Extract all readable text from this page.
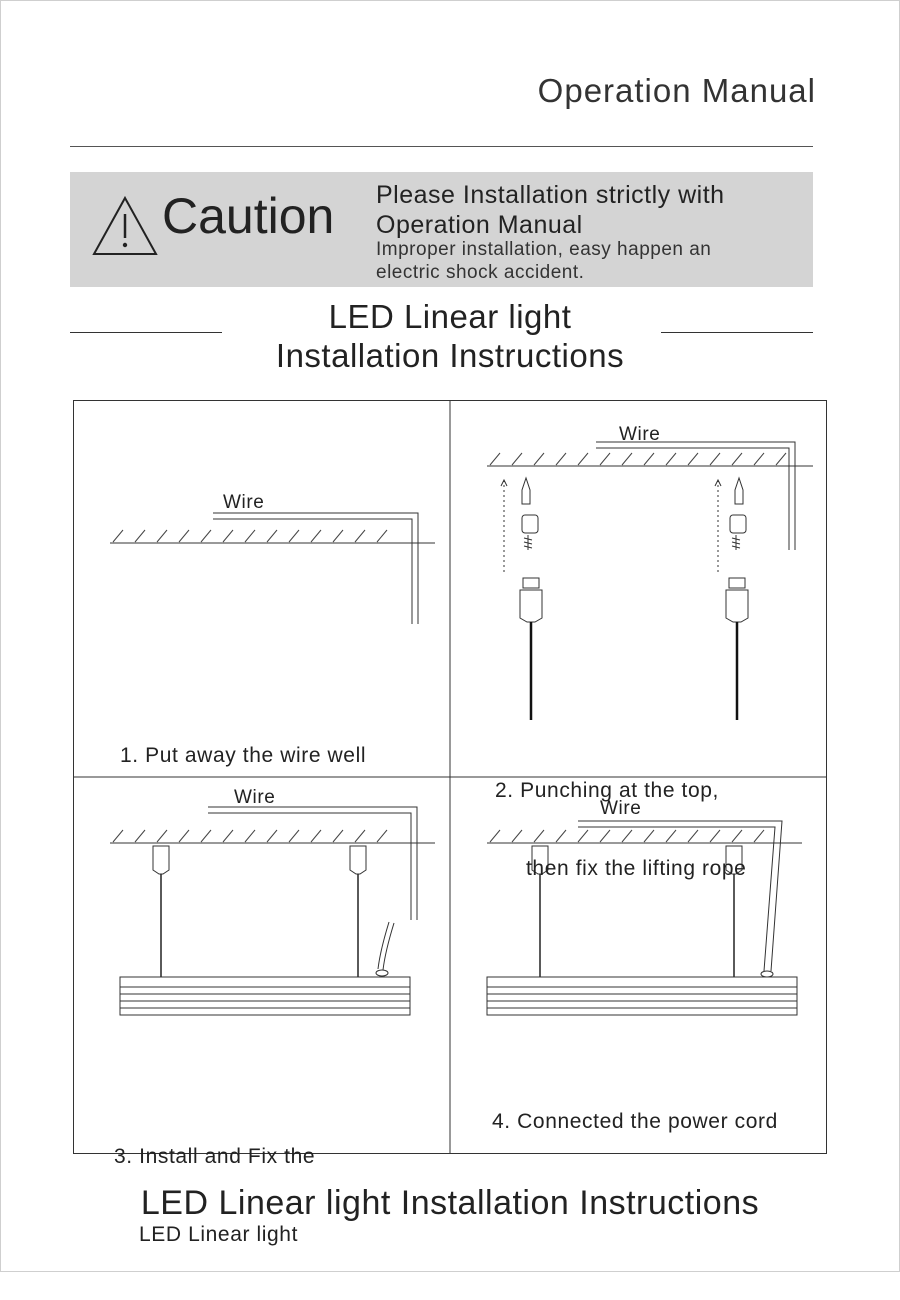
Operation Manual
Caution Please Installation strictly with
Operation Manual
Improper installation, easy happen an
electric shock accident.
LED Linear light
Installation Instructions
Wire
Wire
Wire
Wire
1. Put away the wire well

2. Punching at the top,

then fix the lifting rope

3. Install and Fix the

LED Linear light

4. Connected the power cord
LED Linear light Installation Instructions
